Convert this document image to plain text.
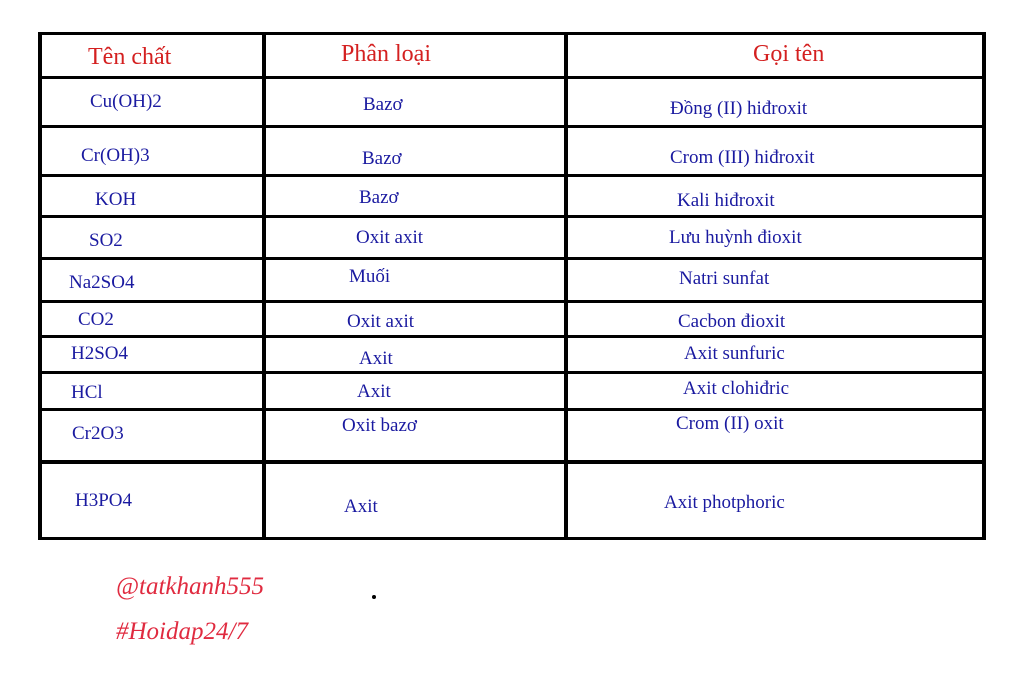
Tên chất	Phân loại	Gọi tên
Cu(OH)2	Bazơ	Đồng (II) hiđroxit
Cr(OH)3	Bazơ	Crom (III) hiđroxit
KOH	Bazơ	Kali hiđroxit
SO2	Oxit axit	Lưu huỳnh đioxit
Na2SO4	Muối	Natri sunfat
CO2	Oxit axit	Cacbon đioxit
H2SO4	Axit	Axit sunfuric
HCl	Axit	Axit clohiđric
Cr2O3	Oxit bazơ	Crom (II) oxit
H3PO4	Axit	Axit photphoric
@tatkhanh555
#Hoidap24/7
